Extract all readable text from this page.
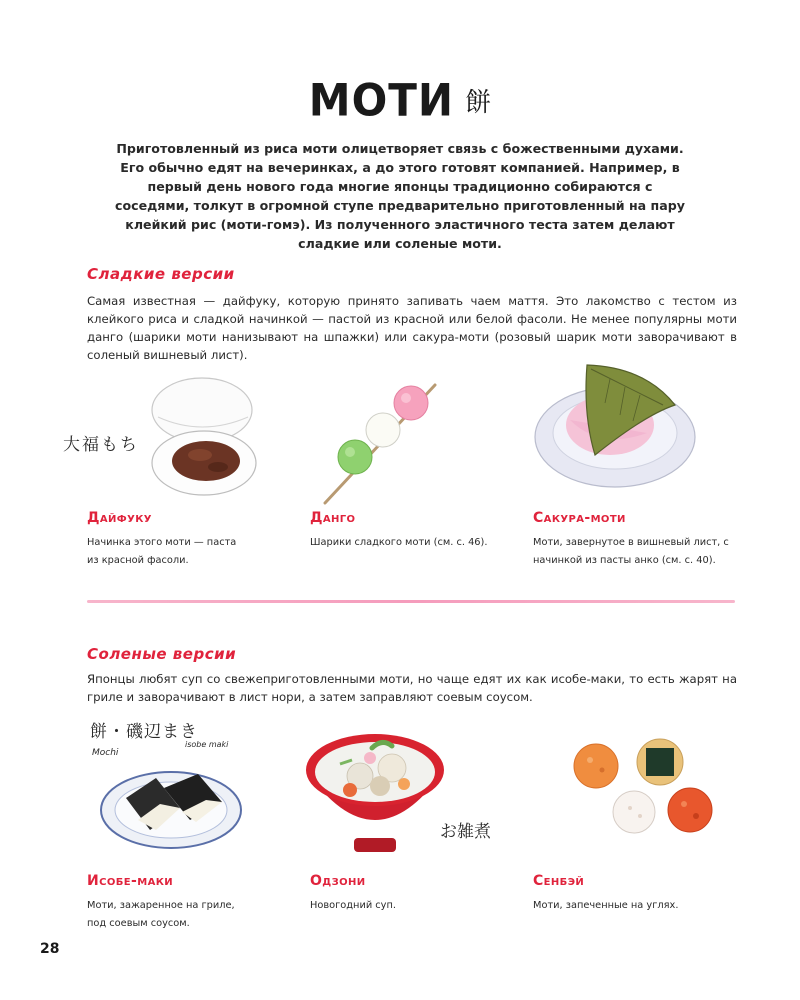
МОТИ 餅

Приготовленный из риса моти олицетворяет связь с божественными духами. Его обычно едят на вечеринках, а до этого готовят компанией. Например, в первый день нового года многие японцы традиционно собираются с соседями, толкут в огромной ступе предварительно приготовленный на пару клейкий рис (моти-гомэ). Из полученного эластичного теста затем делают сладкие или соленые моти.

Сладкие версии

Самая известная — дайфуку, которую принято запивать чаем маття. Это лакомство с тестом из клейкого риса и сладкой начинкой — пастой из красной или белой фасоли. Не менее популярны моти данго (шарики моти нанизывают на шпажки) или сакура-моти (розовый шарик моти заворачивают в соленый вишневый лист).

大福もち
Дайфуку

Начинка этого моти — паста из красной фасоли.

Данго

Шарики сладкого моти (см. с. 46).

Сакура-моти

Моти, завернутое в вишневый лист, с начинкой из пасты анко (см. с. 40).

Соленые версии

Японцы любят суп со свежеприготовленными моти, но чаще едят их как исобе-маки, то есть жарят на гриле и заворачивают в лист нори, а затем заправляют соевым соусом.

餅・磯辺まき
Mochi
isobe maki
お雑煮
Исобе-маки

Моти, зажаренное на гриле, под соевым соусом.

Одзони

Новогодний суп.

Сенбэй

Моти, запеченные на углях.

28
